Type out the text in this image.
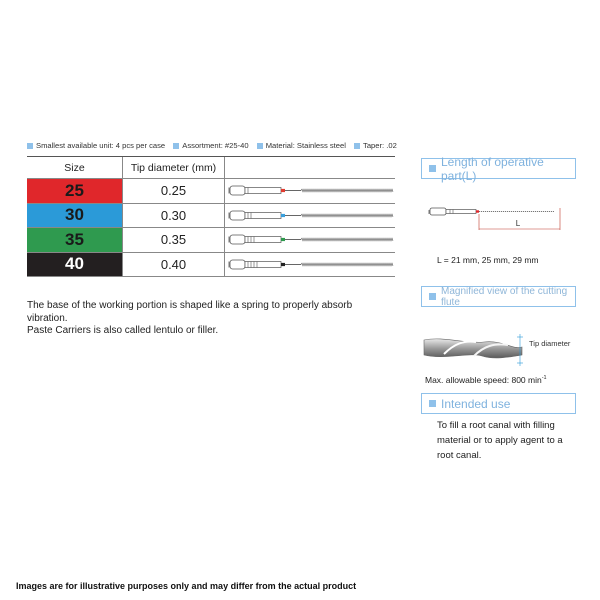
Smallest available unit: 4 pcs per case Assortment: #25-40 Material: Stainless steel Taper: .02
Size	Tip diameter (mm)
25	0.25
30	0.30
35	0.35
40	0.40
The base of the working portion is shaped like a spring to properly absorb vibration.
Paste Carriers is also called lentulo or filler.
Length of operative part(L)
L
L = 21 mm, 25 mm, 29 mm
Magnified view of the cutting flute
Tip diameter
Max. allowable speed: 800 $\min^{-1}$
Intended use
To fill a root canal with filling material or to apply agent to a root canal.
Images are for illustrative purposes only and may differ from the actual product
